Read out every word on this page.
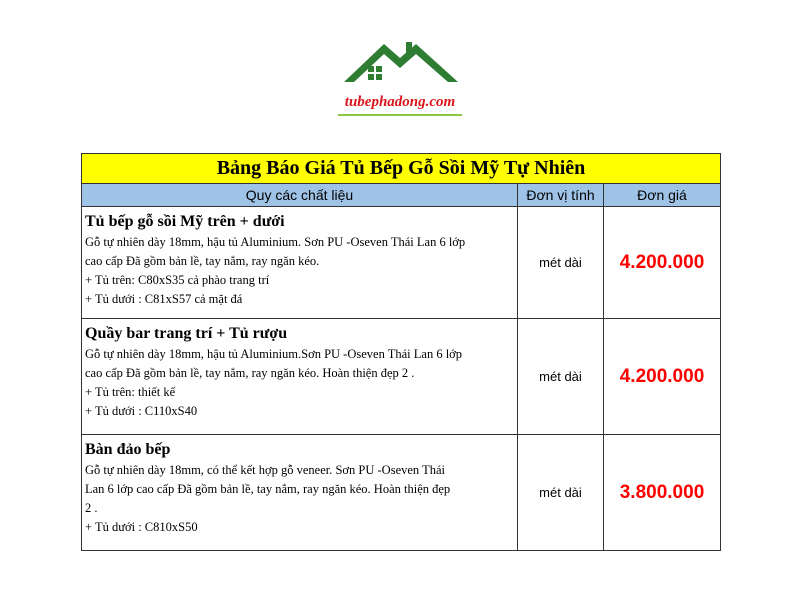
tubephadong.com
Bảng Báo Giá Tủ Bếp Gỗ Sồi Mỹ Tự Nhiên		
Quy các chất liệu	Đơn vị tính	Đơn giá

Tủ bếp gỗ sồi Mỹ trên + dưới
Gỗ tự nhiên dày 18mm, hậu tủ Aluminium. Sơn PU -Oseven Thái Lan 6 lớp
cao cấp Đã gồm bản lề, tay nắm, ray ngăn kéo.
+ Tủ trên: C80xS35 cả phào trang trí
+ Tủ dưới : C81xS57 cả mặt đá	mét dài	4.200.000

Quầy bar trang trí + Tủ rượu
Gỗ tự nhiên dày 18mm, hậu tủ Aluminium.Sơn PU -Oseven Thái Lan 6 lớp
cao cấp Đã gồm bản lề, tay nắm, ray ngăn kéo. Hoàn thiện đẹp 2 .
+ Tủ trên: thiết kế
+ Tủ dưới : C110xS40	mét dài	4.200.000

Bàn đảo bếp
Gỗ tự nhiên dày 18mm, có thể kết hợp gỗ veneer. Sơn PU -Oseven Thái
Lan 6 lớp cao cấp Đã gồm bản lề, tay nắm, ray ngăn kéo. Hoàn thiện đẹp
2 .
+ Tủ dưới : C810xS50	mét dài	3.800.000
